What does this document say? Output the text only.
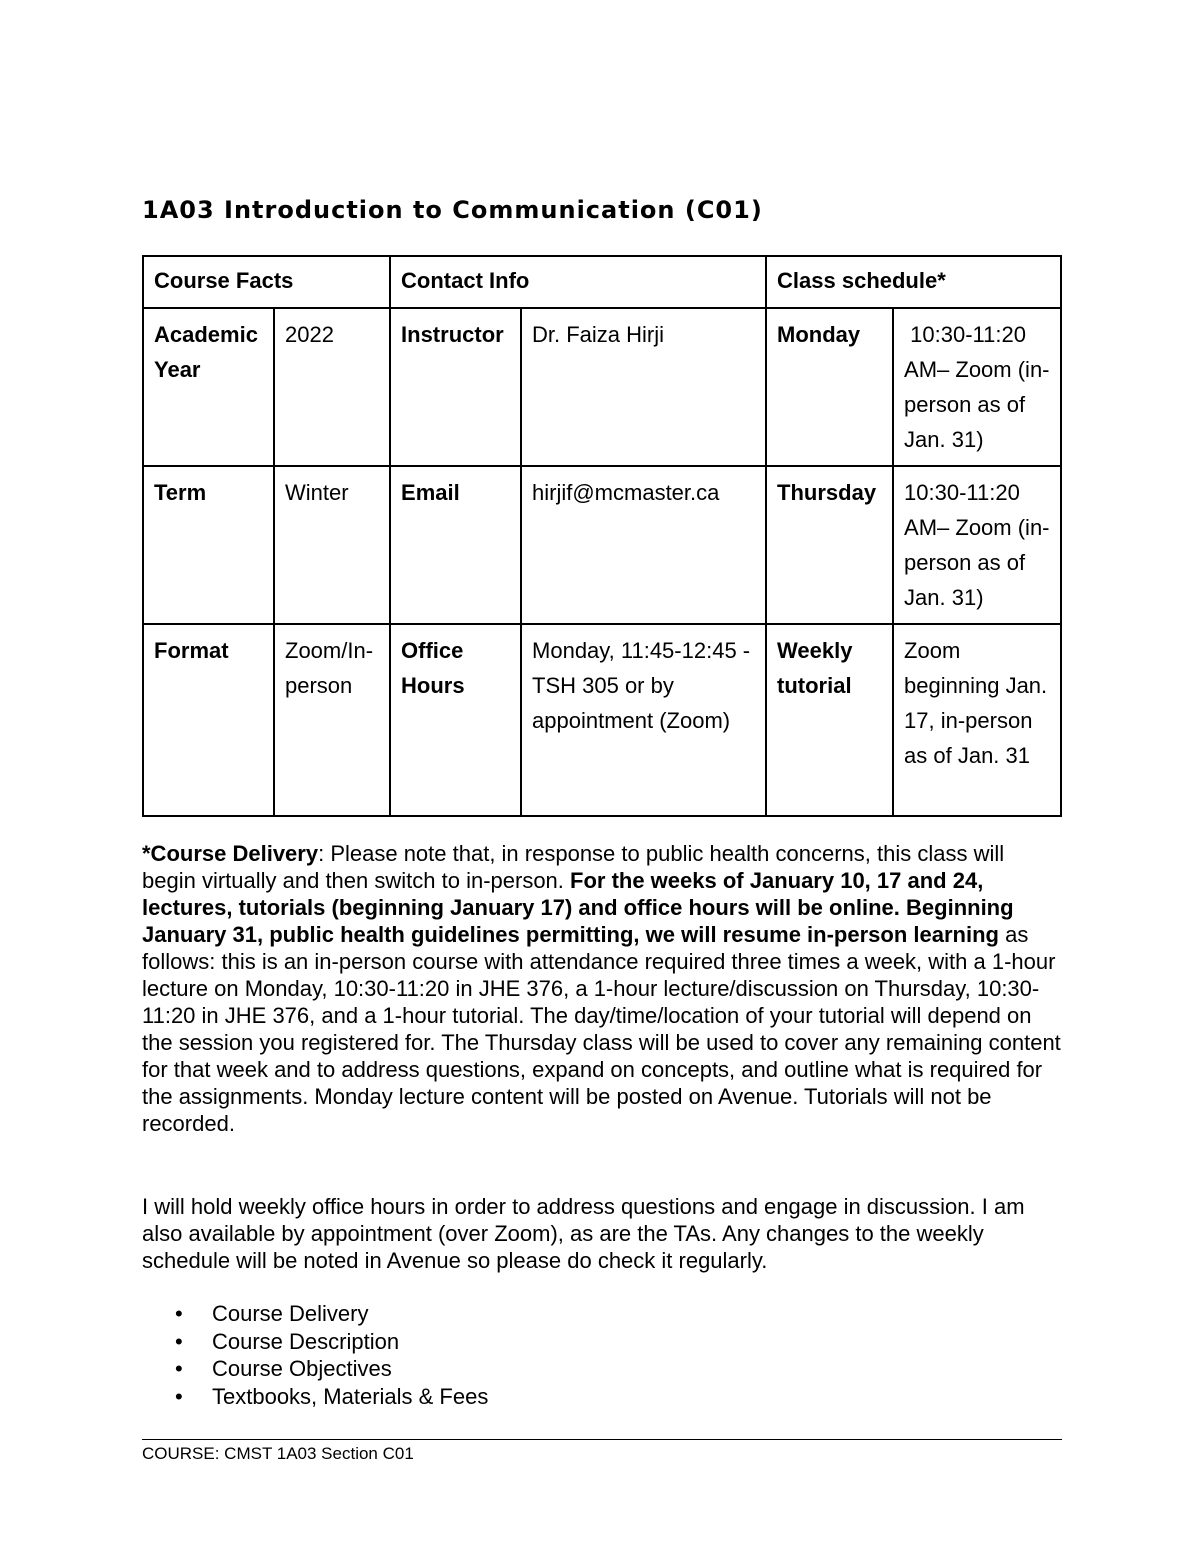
1A03 Introduction to Communication (C01)
Course Facts		Contact Info		Class schedule*	
Academic Year	2022	Instructor	Dr. Faiza Hirji	Monday	10:30-11:20 AM– Zoom (in-person as of Jan. 31)
Term	Winter	Email	hirjif@mcmaster.ca	Thursday	10:30-11:20 AM– Zoom (in-person as of Jan. 31)
Format	Zoom/In-person	Office Hours	Monday, 11:45-12:45 - TSH 305 or by appointment (Zoom)	Weekly tutorial	Zoom beginning Jan. 17, in-person as of Jan. 31

*Course Delivery: Please note that, in response to public health concerns, this class will begin virtually and then switch to in-person. For the weeks of January 10, 17 and 24, lectures, tutorials (beginning January 17) and office hours will be online. Beginning January 31, public health guidelines permitting, we will resume in-person learning as follows: this is an in-person course with attendance required three times a week, with a 1-hour lecture on Monday, 10:30-11:20 in JHE 376, a 1-hour lecture/discussion on Thursday, 10:30-11:20 in JHE 376, and a 1-hour tutorial. The day/time/location of your tutorial will depend on the session you registered for. The Thursday class will be used to cover any remaining content for that week and to address questions, expand on concepts, and outline what is required for the assignments. Monday lecture content will be posted on Avenue. Tutorials will not be recorded.

I will hold weekly office hours in order to address questions and engage in discussion. I am also available by appointment (over Zoom), as are the TAs. Any changes to the weekly schedule will be noted in Avenue so please do check it regularly.

• Course Delivery
• Course Description
• Course Objectives
• Textbooks, Materials & Fees
COURSE: CMST 1A03 Section C01
